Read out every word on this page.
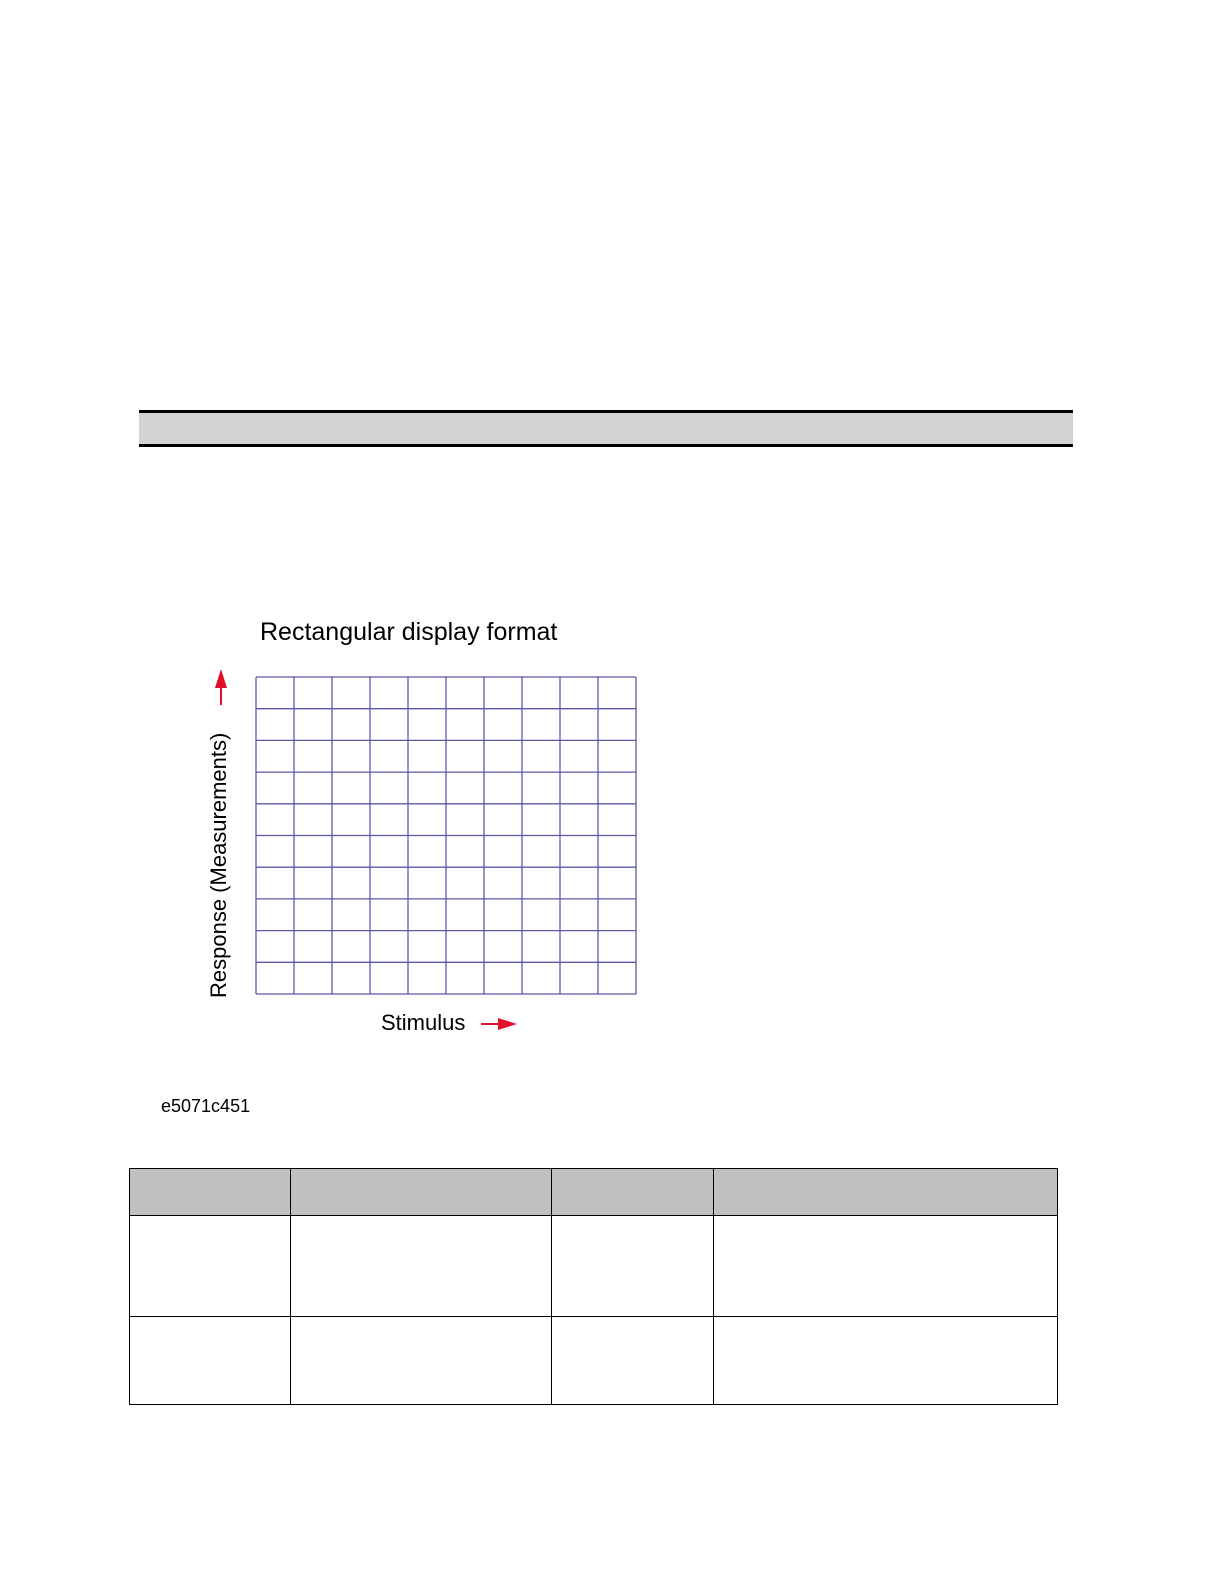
Rectangular display format
Response (Measurements)
Stimulus
e5071c451
